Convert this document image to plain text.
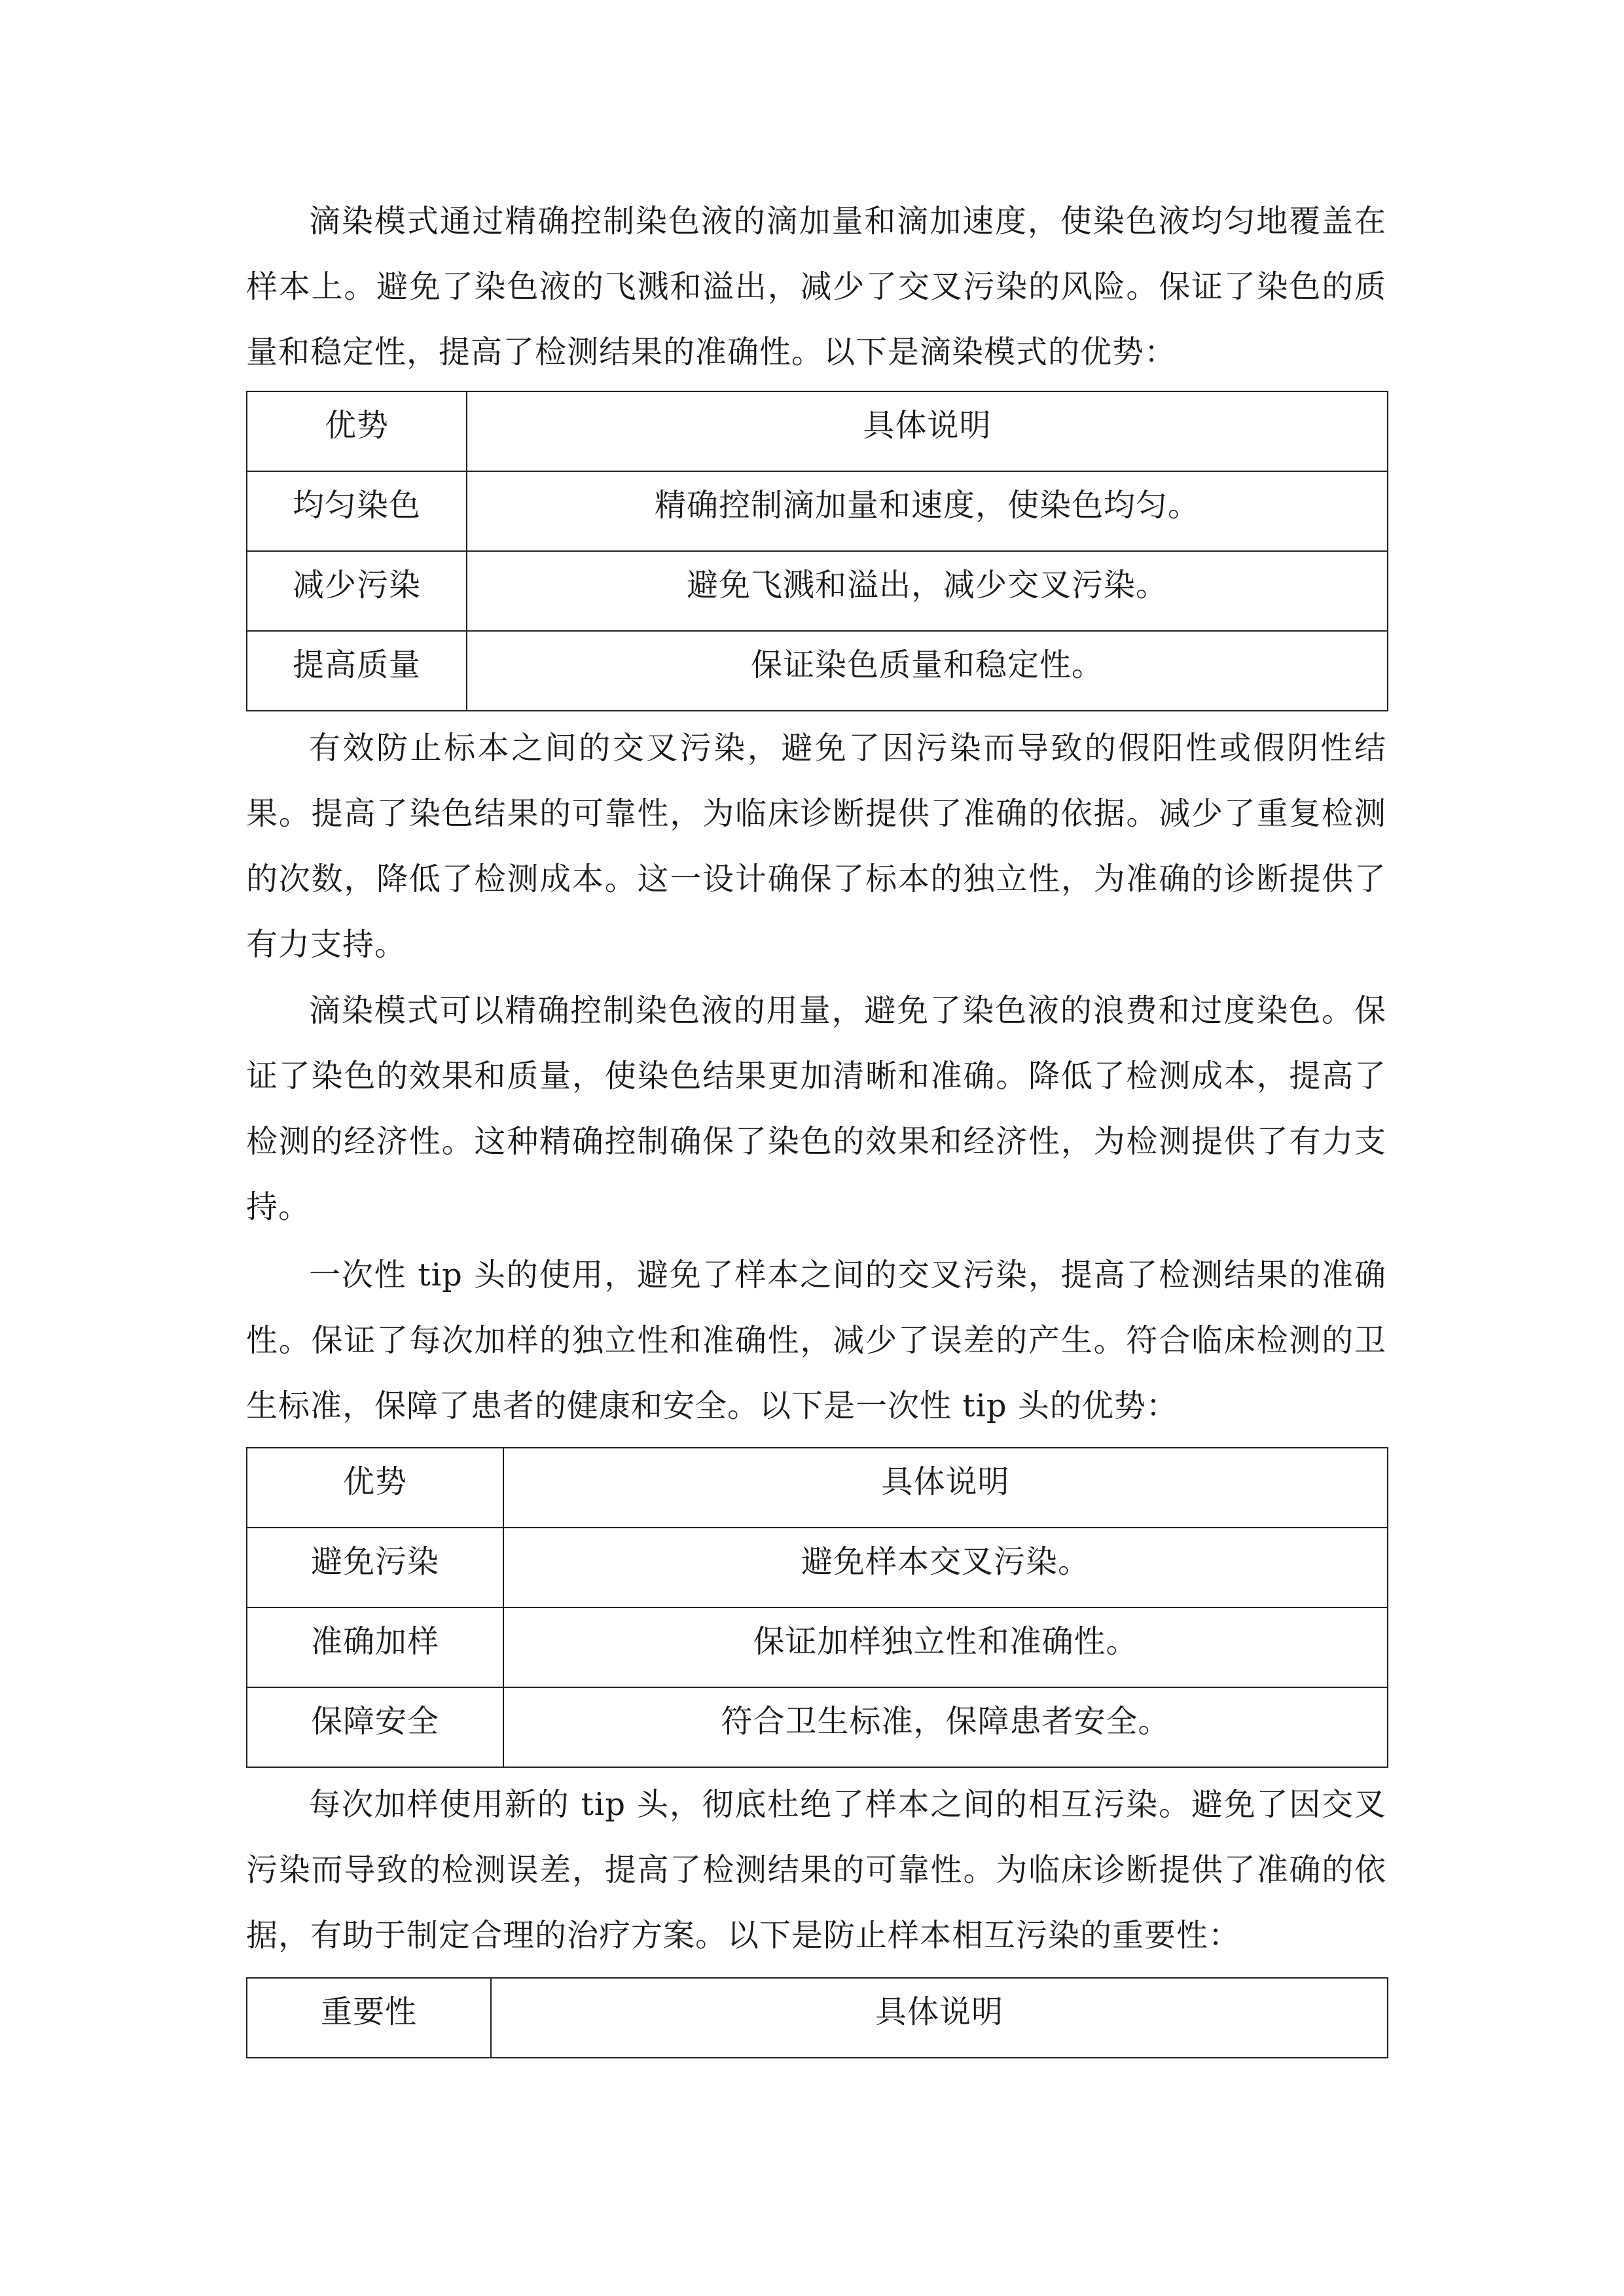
滴染模式通过精确控制染色液的滴加量和滴加速度，使染色液均匀地覆盖在样本上。避免了染色液的飞溅和溢出，减少了交叉污染的风险。保证了染色的质量和稳定性，提高了检测结果的准确性。以下是滴染模式的优势：

优势	具体说明
均匀染色	精确控制滴加量和速度，使染色均匀。
减少污染	避免飞溅和溢出，减少交叉污染。
提高质量	保证染色质量和稳定性。

有效防止标本之间的交叉污染，避免了因污染而导致的假阳性或假阴性结果。提高了染色结果的可靠性，为临床诊断提供了准确的依据。减少了重复检测的次数，降低了检测成本。这一设计确保了标本的独立性，为准确的诊断提供了有力支持。

滴染模式可以精确控制染色液的用量，避免了染色液的浪费和过度染色。保证了染色的效果和质量，使染色结果更加清晰和准确。降低了检测成本，提高了检测的经济性。这种精确控制确保了染色的效果和经济性，为检测提供了有力支持。

一次性 tip 头的使用，避免了样本之间的交叉污染，提高了检测结果的准确性。保证了每次加样的独立性和准确性，减少了误差的产生。符合临床检测的卫生标准，保障了患者的健康和安全。以下是一次性 tip 头的优势：

优势	具体说明
避免污染	避免样本交叉污染。
准确加样	保证加样独立性和准确性。
保障安全	符合卫生标准，保障患者安全。

每次加样使用新的 tip 头，彻底杜绝了样本之间的相互污染。避免了因交叉污染而导致的检测误差，提高了检测结果的可靠性。为临床诊断提供了准确的依据，有助于制定合理的治疗方案。以下是防止样本相互污染的重要性：

重要性	具体说明
